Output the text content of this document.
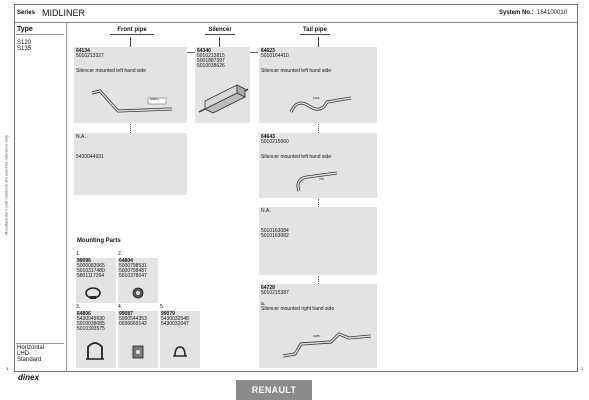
Manufacturer's part numbers are used for reference only
Series MIDLINER	System No.: 164100010
Type
S120
S135
Horizontal
LHD
Standard
Front pipe	Silencer	Tail pipe
64134
5010213327
Silencer mounted left hand side
3080 k
N.A.
5430044931
64340
5010213815
5001887397
5010038626
64623
5010164410
Silencer mounted left hand side
1102
64643
5010215060
Silencer mounted left hand side
700
N.A.
5010163084
5010163082
64728
5010215387
a.
Silencer mounted right hand side
1085
Mounting Parts
1.
99096
5000083065
5010317480
5801117294
2.
64804
5000798531
5000798487
5010378047
3.
64806
5430049930
5010039085
5010393575
4.
99087
5000544353
0036669142
5.
99079
5430032048
5430032047
dinex
1	1
RENAULT
